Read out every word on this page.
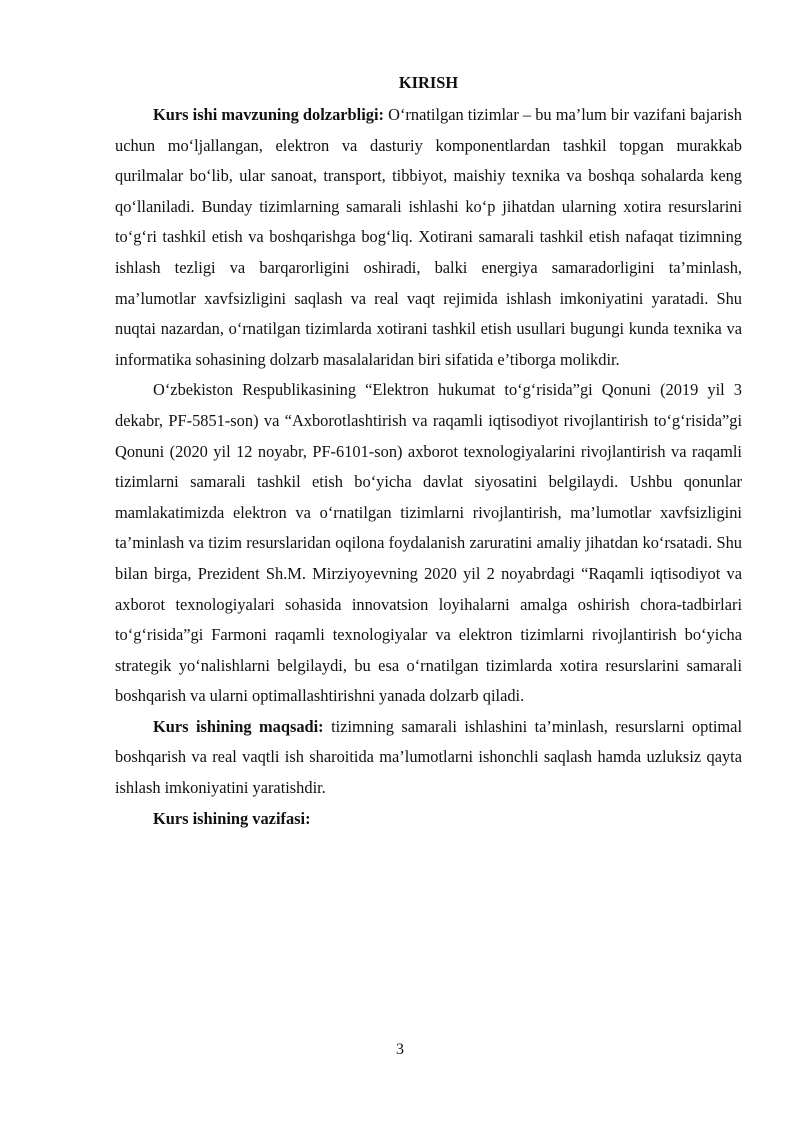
KIRISH

Kurs ishi mavzuning dolzarbligi: O‘rnatilgan tizimlar – bu ma’lum bir vazifani bajarish uchun mo‘ljallangan, elektron va dasturiy komponentlardan tashkil topgan murakkab qurilmalar bo‘lib, ular sanoat, transport, tibbiyot, maishiy texnika va boshqa sohalarda keng qo‘llaniladi. Bunday tizimlarning samarali ishlashi ko‘p jihatdan ularning xotira resurslarini to‘g‘ri tashkil etish va boshqarishga bog‘liq. Xotirani samarali tashkil etish nafaqat tizimning ishlash tezligi va barqarorligini oshiradi, balki energiya samaradorligini ta’minlash, ma’lumotlar xavfsizligini saqlash va real vaqt rejimida ishlash imkoniyatini yaratadi. Shu nuqtai nazardan, o‘rnatilgan tizimlarda xotirani tashkil etish usullari bugungi kunda texnika va informatika sohasining dolzarb masalalaridan biri sifatida e’tiborga molikdir.

O‘zbekiston Respublikasining “Elektron hukumat to‘g‘risida”gi Qonuni (2019 yil 3 dekabr, PF-5851-son) va “Axborotlashtirish va raqamli iqtisodiyot rivojlantirish to‘g‘risida”gi Qonuni (2020 yil 12 noyabr, PF-6101-son) axborot texnologiyalarini rivojlantirish va raqamli tizimlarni samarali tashkil etish bo‘yicha davlat siyosatini belgilaydi. Ushbu qonunlar mamlakatimizda elektron va o‘rnatilgan tizimlarni rivojlantirish, ma’lumotlar xavfsizligini ta’minlash va tizim resurslaridan oqilona foydalanish zaruratini amaliy jihatdan ko‘rsatadi. Shu bilan birga, Prezident Sh.M. Mirziyoyevning 2020 yil 2 noyabrdagi “Raqamli iqtisodiyot va axborot texnologiyalari sohasida innovatsion loyihalarni amalga oshirish chora-tadbirlari to‘g‘risida”gi Farmoni raqamli texnologiyalar va elektron tizimlarni rivojlantirish bo‘yicha strategik yo‘nalishlarni belgilaydi, bu esa o‘rnatilgan tizimlarda xotira resurslarini samarali boshqarish va ularni optimallashtirishni yanada dolzarb qiladi.

Kurs ishining maqsadi: tizimning samarali ishlashini ta’minlash, resurslarni optimal boshqarish va real vaqtli ish sharoitida ma’lumotlarni ishonchli saqlash hamda uzluksiz qayta ishlash imkoniyatini yaratishdir.

Kurs ishining vazifasi:

3
